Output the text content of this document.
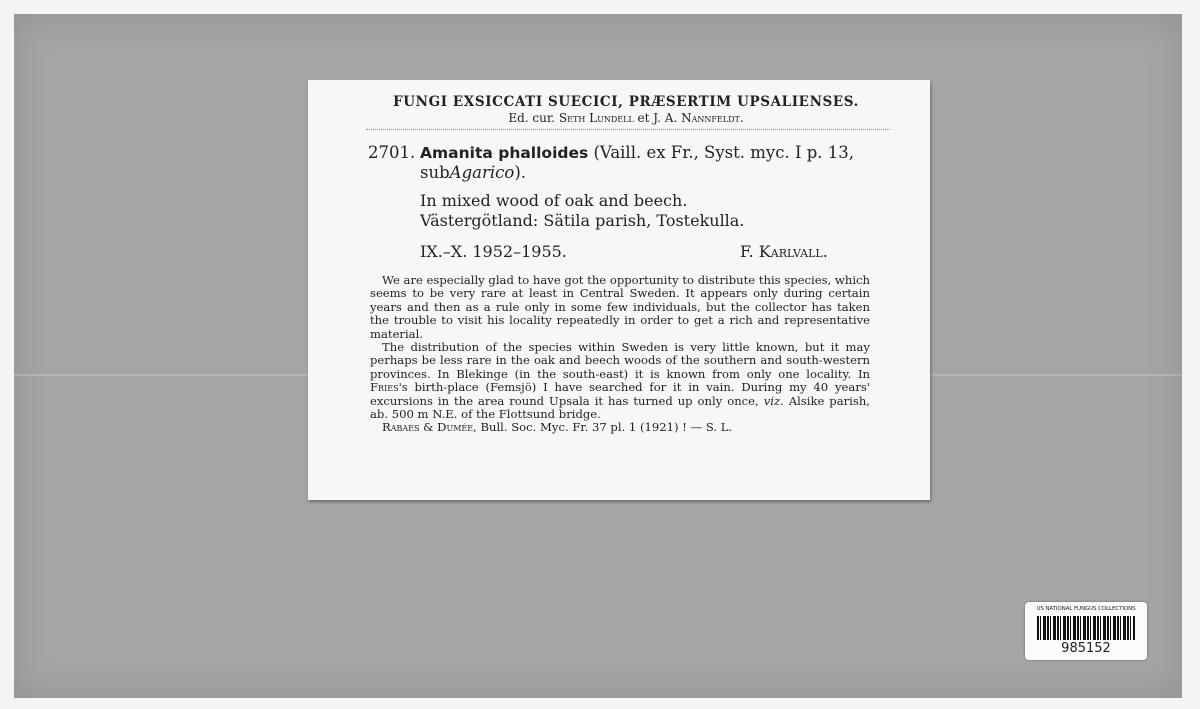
FUNGI EXSICCATI SUECICI, PRÆSERTIM UPSALIENSES.
Ed. cur. Seth Lundell et J. A. Nannfeldt.
2701. Amanita phalloides (Vaill. ex Fr., Syst. myc. I p. 13, subAgarico).
In mixed wood of oak and beech.
Västergötland: Sätila parish, Tostekulla.
IX.–X. 1952–1955.	F. Karlvall.

We are especially glad to have got the opportunity to distribute this species, which seems to be very rare at least in Central Sweden. It appears only during certain years and then as a rule only in some few individuals, but the collector has taken the trouble to visit his locality repeatedly in order to get a rich and representative material.

The distribution of the species within Sweden is very little known, but it may perhaps be less rare in the oak and beech woods of the southern and south-western provinces. In Blekinge (in the south-east) it is known from only one locality. In Fries's birth-place (Femsjö) I have searched for it in vain. During my 40 years' excursions in the area round Upsala it has turned up only once, viz. Alsike parish, ab. 500 m N.E. of the Flottsund bridge.

Rabaes & Dumée, Bull. Soc. Myc. Fr. 37 pl. 1 (1921) ! — S. L.

US NATIONAL FUNGUS COLLECTIONS
985152
